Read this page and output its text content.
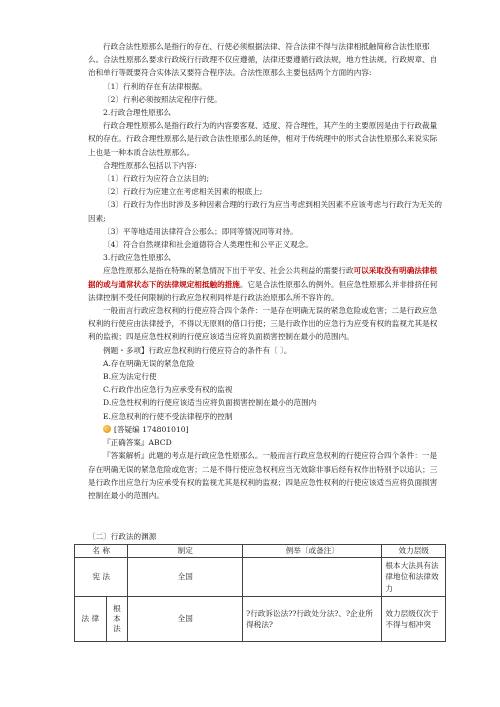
行政合法性原那么是指行的存在、行使必须根据法律、符合法律不得与法律相抵触简称合法性原那么。合法性原那么要求行政统行行政理不仅应遵循，法律还要遵循行政法规，地方性法规、行政规章、自治和单行等既要符合实体法又要符合程序法。合法性原那么主要包括两个方面的内容:

〔1〕行利的存在有法律根据。

〔2〕行利必须按照法定程序行使。

2.行政合理性原那么

行政合理性原那么是指行政行为的内容要客观、适度、符合理性，其产生的主要原因是由于行政裁量权的存在。行政合理性原那么是行政合法性原那么的延伸，相对于传统理中的形式合法性原那么来说实际上也是一种本质合法性原那么。

合理性原那么包括以下内容:

〔1〕行政行为应符合立法目的;

〔2〕行政行为应建立在考虑相关因素的根底上;

〔3〕行政行为作出时涉及多种因素合理的行政行为应当考虑到相关因素不应该考虑与行政行为无关的因素;

〔3〕平等地适用法律符合公那么；即同等情况同等对待。

〔4〕符合自然规律和社会道德符合人类理性和公平正义观念。

3.行政应急性原那么

应急性原那么是指在特殊的紧急情况下出于平安、社会公共利益的需要行政可以采取没有明确法律根据的或与通常状态下的法律规定相抵触的措施。它是合法性原那么的例外。但应急性原那么并非排挤任何法律控制不受任何限制的行政应急权利同样是行政法治原那么所不容许的。

一般而言行政应急权利的行使应符合四个条件：一是存在明确无误的紧急危险或危害；二是行政应急权利的行使应由法律授予，不得以无原则的借口行使；三是行政作出的应急行为应受有权的监视尤其是权利的监视；四是应急性权利的行使应该适当应将负面损害控制在最小的范围内。

例题・多项】行政应急权利的行使应符合的条件有〔 〕。

A.存在明确无误的紧急危险

B.应为法定行使

C.行政作出应急行为应承受有权的监视

D.应急性权利的行使应该适当应将负面损害控制在最小的范围内

E.应急权利的行使不受法律程序的控制

[答疑编 174801010]

『正确答案』ABCD

『答案解析』此题的考点是行政应急性原那么。一般而言行政应急权利的行使应符合四个条件：一是存在明确无误的紧急危险或危害；二是不得行使应急权利应当无效除非事后经有权作出特别予以追认；三是行政作出应急行为应承受有权的监视尤其是权利的监视；四是应急性权利的行使应该适当应将负面损害控制在最小的范围内。

〔二〕行政法的渊源
名 称		制定	例举〔或备注〕	效力层级
宪 法		全国		根本大法具有法律地位和法律效力
法 律	根本法	全国	?行政诉讼法??行政处分法?、?企业所得税法?	效力层级仅次于不得与相冲突
